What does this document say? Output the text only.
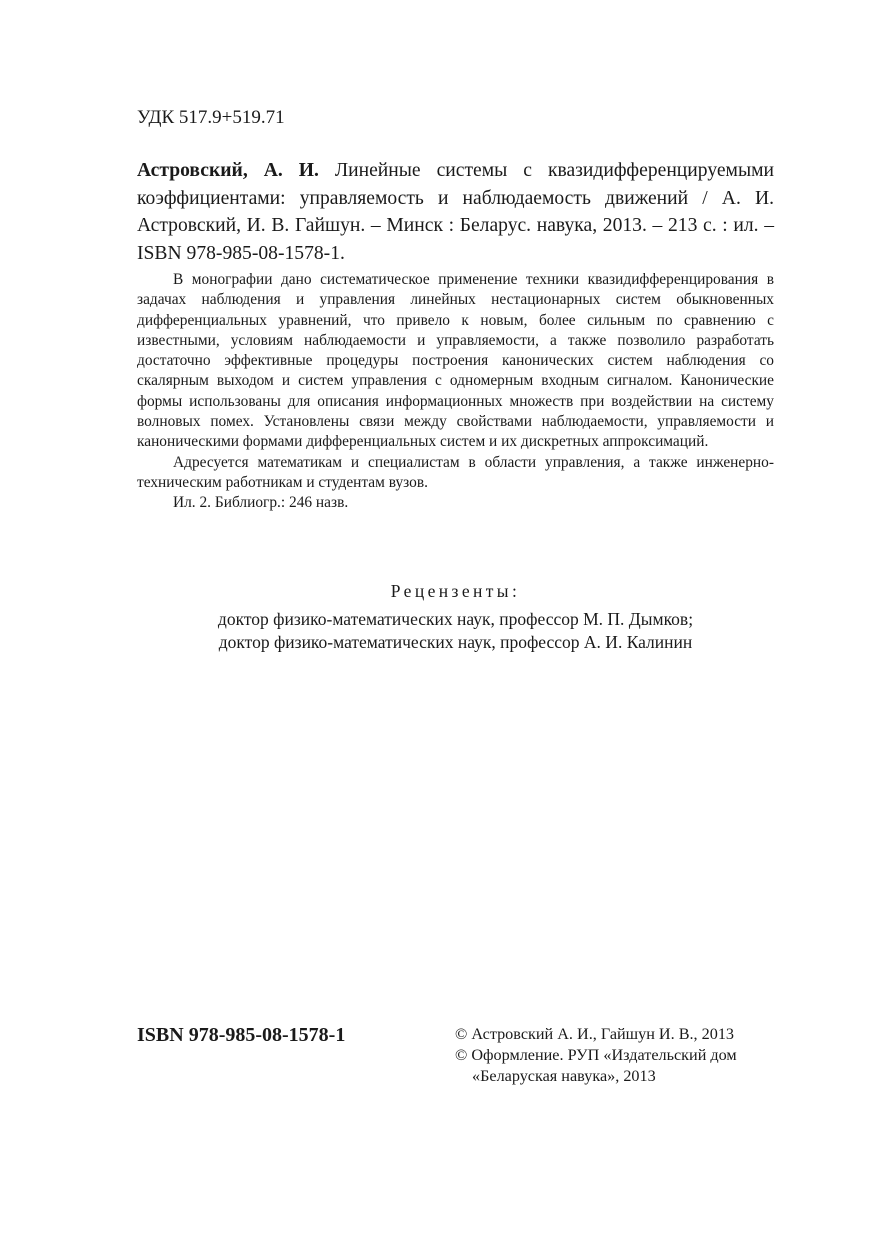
УДК 517.9+519.71
Астровский, А. И. Линейные системы с квазидифференцируемыми коэффициентами: управляемость и наблюдаемость движений / А. И. Астровский, И. В. Гайшун. – Минск : Беларус. навука, 2013. – 213 с. : ил. – ISBN 978-985-08-1578-1.

В монографии дано систематическое применение техники квазидифференцирования в задачах наблюдения и управления линейных нестационарных систем обыкновенных дифференциальных уравнений, что привело к новым, более сильным по сравнению с известными, условиям наблюдаемости и управляемости, а также позволило разработать достаточно эффективные процедуры построения канонических систем наблюдения со скалярным выходом и систем управления с одномерным входным сигналом. Канонические формы использованы для описания информационных множеств при воздействии на систему волновых помех. Установлены связи между свойствами наблюдаемости, управляемости и каноническими формами дифференциальных систем и их дискретных аппроксимаций.

Адресуется математикам и специалистам в области управления, а также инженерно-техническим работникам и студентам вузов.

Ил. 2. Библиогр.: 246 назв.

Рецензенты:
доктор физико-математических наук, профессор М. П. Дымков;
доктор физико-математических наук, профессор А. И. Калинин
ISBN 978-985-08-1578-1	© Астровский А. И., Гайшун И. В., 2013
© Оформление. РУП «Издательский дом
«Беларуская навука», 2013
